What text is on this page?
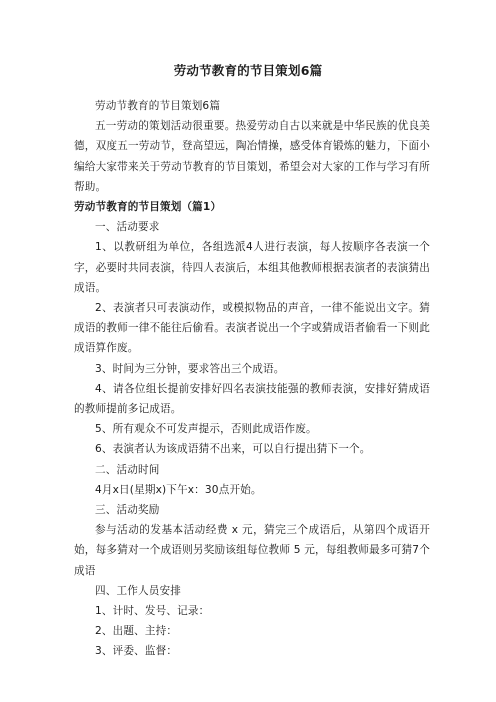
劳动节教育的节目策划6篇

劳动节教育的节目策划6篇

五一劳动的策划活动很重要。热爱劳动自古以来就是中华民族的优良美德，双度五一劳动节，登高望远，陶冶情操，感受体育锻炼的魅力，下面小编给大家带来关于劳动节教育的节目策划，希望会对大家的工作与学习有所帮助。

劳动节教育的节目策划（篇1）

一、活动要求

1、以教研组为单位，各组选派4人进行表演，每人按顺序各表演一个字，必要时共同表演，待四人表演后，本组其他教师根据表演者的表演猜出成语。

2、表演者只可表演动作，或模拟物品的声音，一律不能说出文字。猜成语的教师一律不能往后偷看。表演者说出一个字或猜成语者偷看一下则此成语算作废。

3、时间为三分钟，要求答出三个成语。

4、请各位组长提前安排好四名表演技能强的教师表演，安排好猜成语的教师提前多记成语。

5、所有观众不可发声提示，否则此成语作废。

6、表演者认为该成语猜不出来，可以自行提出猜下一个。

二、活动时间

4月x日(星期x)下午x：30点开始。

三、活动奖励

参与活动的发基本活动经费 x 元，猜完三个成语后，从第四个成语开始，每多猜对一个成语则另奖励该组每位教师 5 元，每组教师最多可猜7个成语

四、工作人员安排

1、计时、发号、记录：

2、出题、主持：

3、评委、监督：
